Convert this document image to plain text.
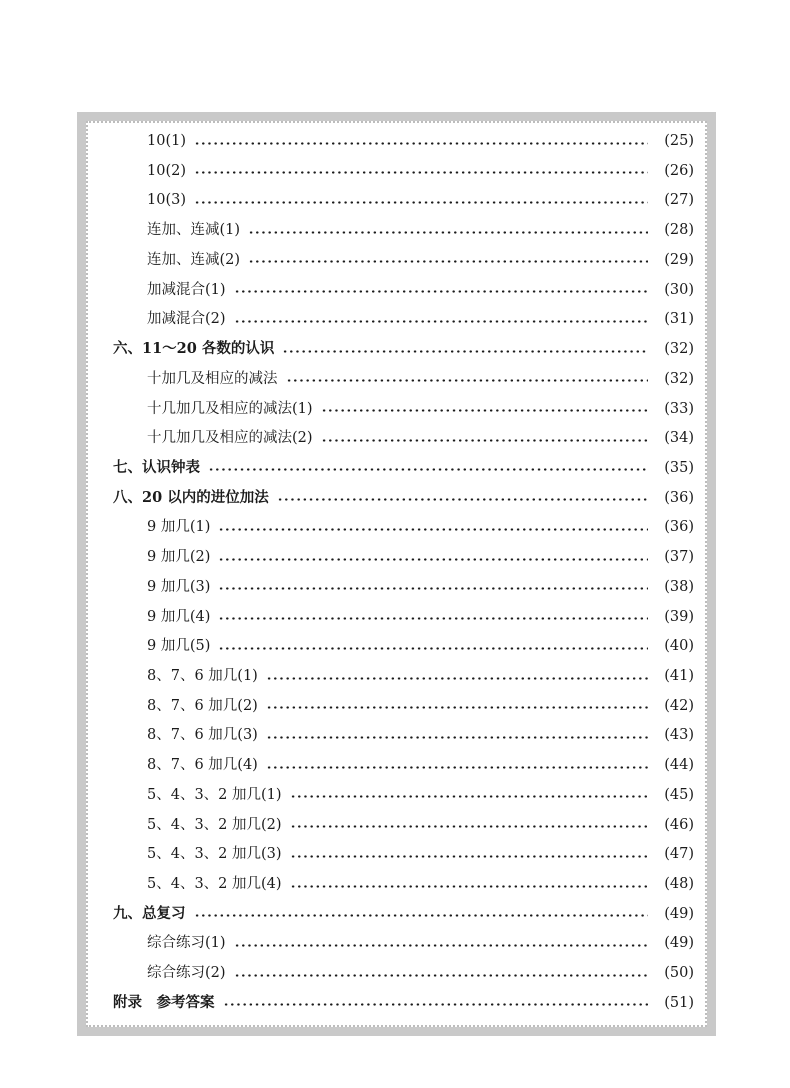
10(1)	(25)
10(2)	(26)
10(3)	(27)
连加、连减(1)	(28)
连加、连减(2)	(29)
加减混合(1)	(30)
加减混合(2)	(31)
六、11～20 各数的认识	(32)
十加几及相应的减法	(32)
十几加几及相应的减法(1)	(33)
十几加几及相应的减法(2)	(34)
七、认识钟表	(35)
八、20 以内的进位加法	(36)
9 加几(1)	(36)
9 加几(2)	(37)
9 加几(3)	(38)
9 加几(4)	(39)
9 加几(5)	(40)
8、7、6 加几(1)	(41)
8、7、6 加几(2)	(42)
8、7、6 加几(3)	(43)
8、7、6 加几(4)	(44)
5、4、3、2 加几(1)	(45)
5、4、3、2 加几(2)	(46)
5、4、3、2 加几(3)	(47)
5、4、3、2 加几(4)	(48)
九、总复习	(49)
综合练习(1)	(49)
综合练习(2)	(50)
附录　参考答案	(51)
